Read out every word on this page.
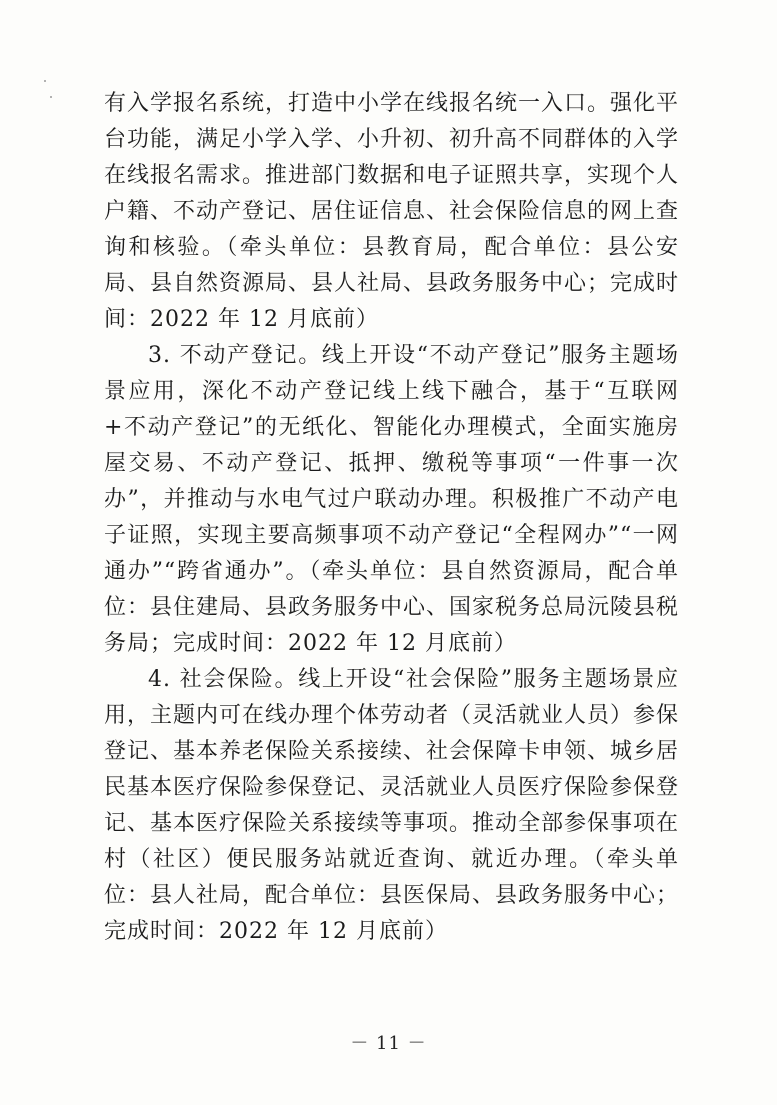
有入学报名系统，打造中小学在线报名统一入口。强化平台功能，满足小学入学、小升初、初升高不同群体的入学在线报名需求。推进部门数据和电子证照共享，实现个人户籍、不动产登记、居住证信息、社会保险信息的网上查询和核验。（牵头单位：县教育局，配合单位：县公安局、县自然资源局、县人社局、县政务服务中心；完成时间：2022 年 12 月底前）

3. 不动产登记。线上开设“不动产登记”服务主题场景应用，深化不动产登记线上线下融合，基于“互联网+不动产登记”的无纸化、智能化办理模式，全面实施房屋交易、不动产登记、抵押、缴税等事项“一件事一次办”，并推动与水电气过户联动办理。积极推广不动产电子证照，实现主要高频事项不动产登记“全程网办”“一网通办”“跨省通办”。（牵头单位：县自然资源局，配合单位：县住建局、县政务服务中心、国家税务总局沅陵县税务局；完成时间：2022 年 12 月底前）

4. 社会保险。线上开设“社会保险”服务主题场景应用，主题内可在线办理个体劳动者（灵活就业人员）参保登记、基本养老保险关系接续、社会保障卡申领、城乡居民基本医疗保险参保登记、灵活就业人员医疗保险参保登记、基本医疗保险关系接续等事项。推动全部参保事项在村（社区）便民服务站就近查询、就近办理。（牵头单位：县人社局，配合单位：县医保局、县政务服务中心；完成时间：2022 年 12 月底前）

－ 11 －
